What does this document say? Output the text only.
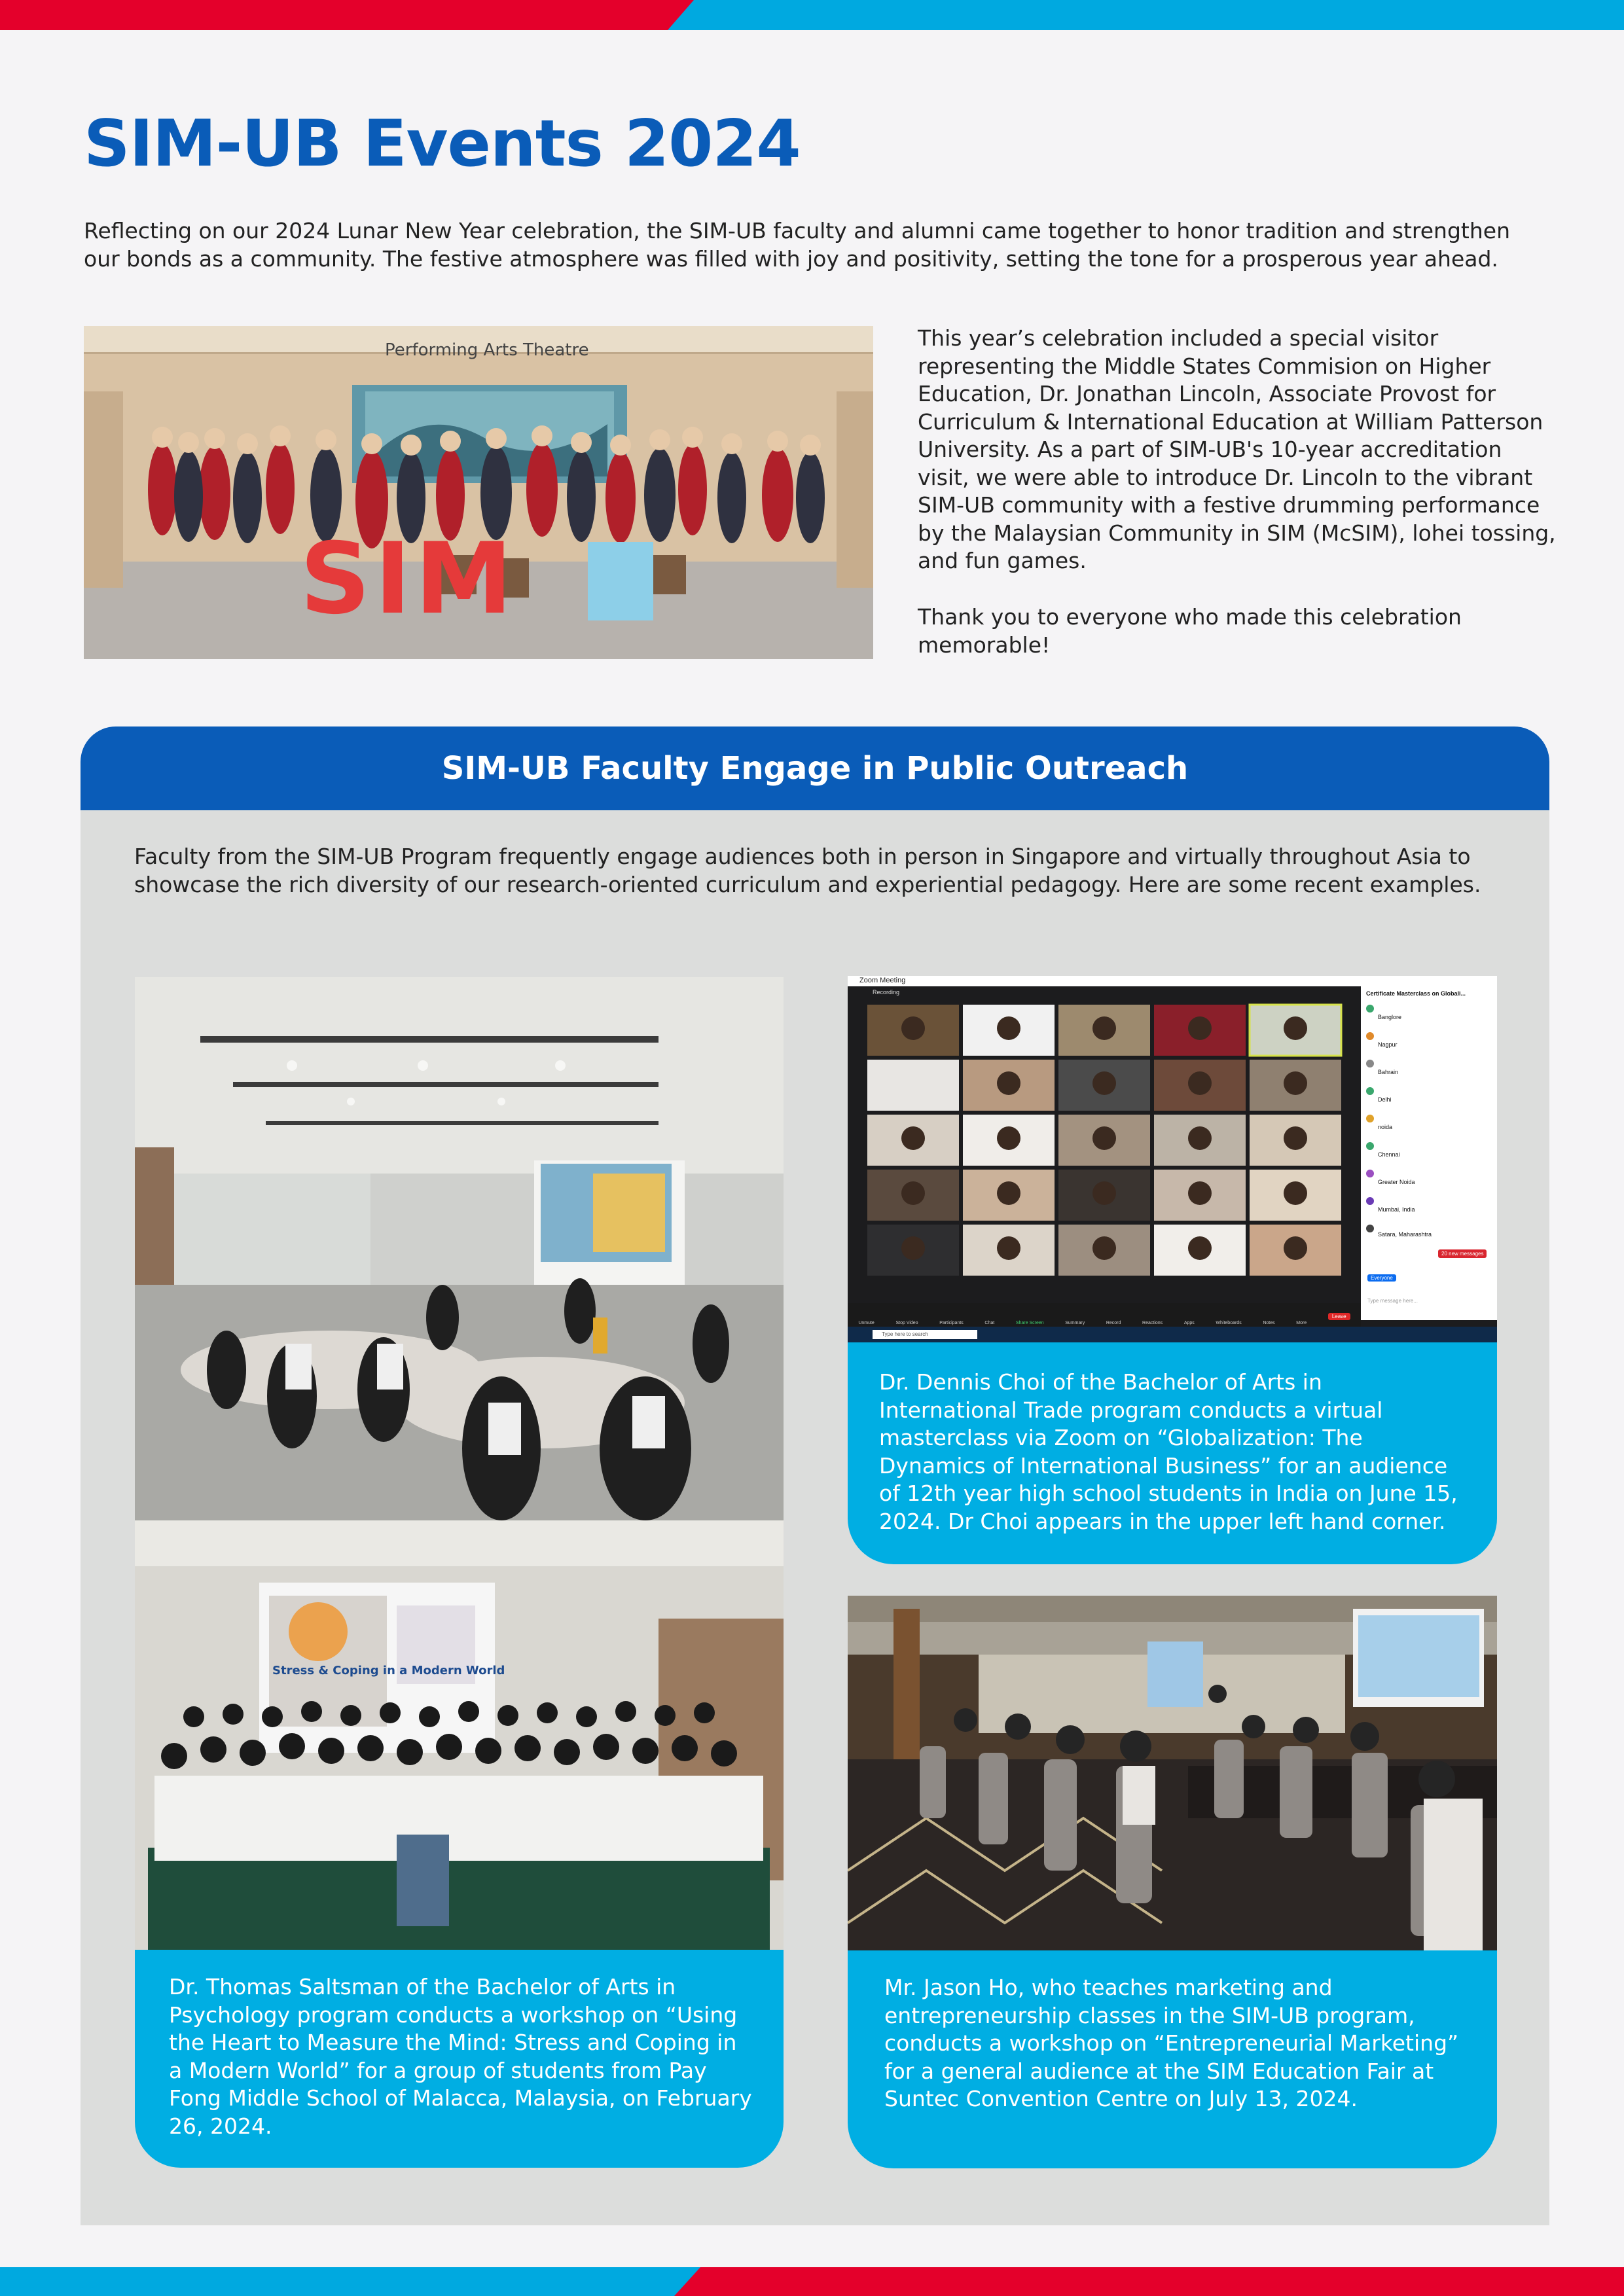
SIM-UB Events 2024

Reflecting on our 2024 Lunar New Year celebration, the SIM-UB faculty and alumni came together to honor tradition and strengthen our bonds as a community. The festive atmosphere was filled with joy and positivity, setting the tone for a prosperous year ahead.

Performing Arts Theatre
SIM
This year’s celebration included a special visitor representing the Middle States Commision on Higher Education, Dr. Jonathan Lincoln, Associate Provost for Curriculum & International Education at William Patterson University. As a part of SIM-UB's 10-year accreditation visit, we were able to introduce Dr. Lincoln to the vibrant SIM-UB community with a festive drumming performance by the Malaysian Community in SIM (McSIM), lohei tossing, and fun games.
Thank you to everyone who made this celebration memorable!
SIM-UB Faculty Engage in Public Outreach
Faculty from the SIM-UB Program frequently engage audiences both in person in Singapore and virtually throughout Asia to showcase the rich diversity of our research-oriented curriculum and experiential pedagogy. Here are some recent examples.
Stress & Coping in a Modern World
Dr. Thomas Saltsman of the Bachelor of Arts in Psychology program conducts a workshop on “Using the Heart to Measure the Mind: Stress and Coping in a Modern World” for a group of students from Pay Fong Middle School of Malacca, Malaysia, on February 26, 2024.
Zoom Meeting
Recording	Certificate Masterclass on Globali...
Banglore
Nagpur
Bahrain
Delhi
noida
Chennai
Greater Noida
Mumbai, India
Satara, Maharashtra
20 new messages
Everyone
Type message here...
Unmute	Stop Video	Participants	Chat	Share Screen	Summary	Record	Reactions	Apps	Whiteboards	Notes	More
Leave
Type here to search
Dr. Dennis Choi of the Bachelor of Arts in International Trade program conducts a virtual masterclass via Zoom on “Globalization: The Dynamics of International Business” for an audience of 12th year high school students in India on June 15, 2024. Dr Choi appears in the upper left hand corner.
Mr. Jason Ho, who teaches marketing and entrepreneurship classes in the SIM-UB program, conducts a workshop on “Entrepreneurial Marketing” for a general audience at the SIM Education Fair at Suntec Convention Centre on July 13, 2024.
